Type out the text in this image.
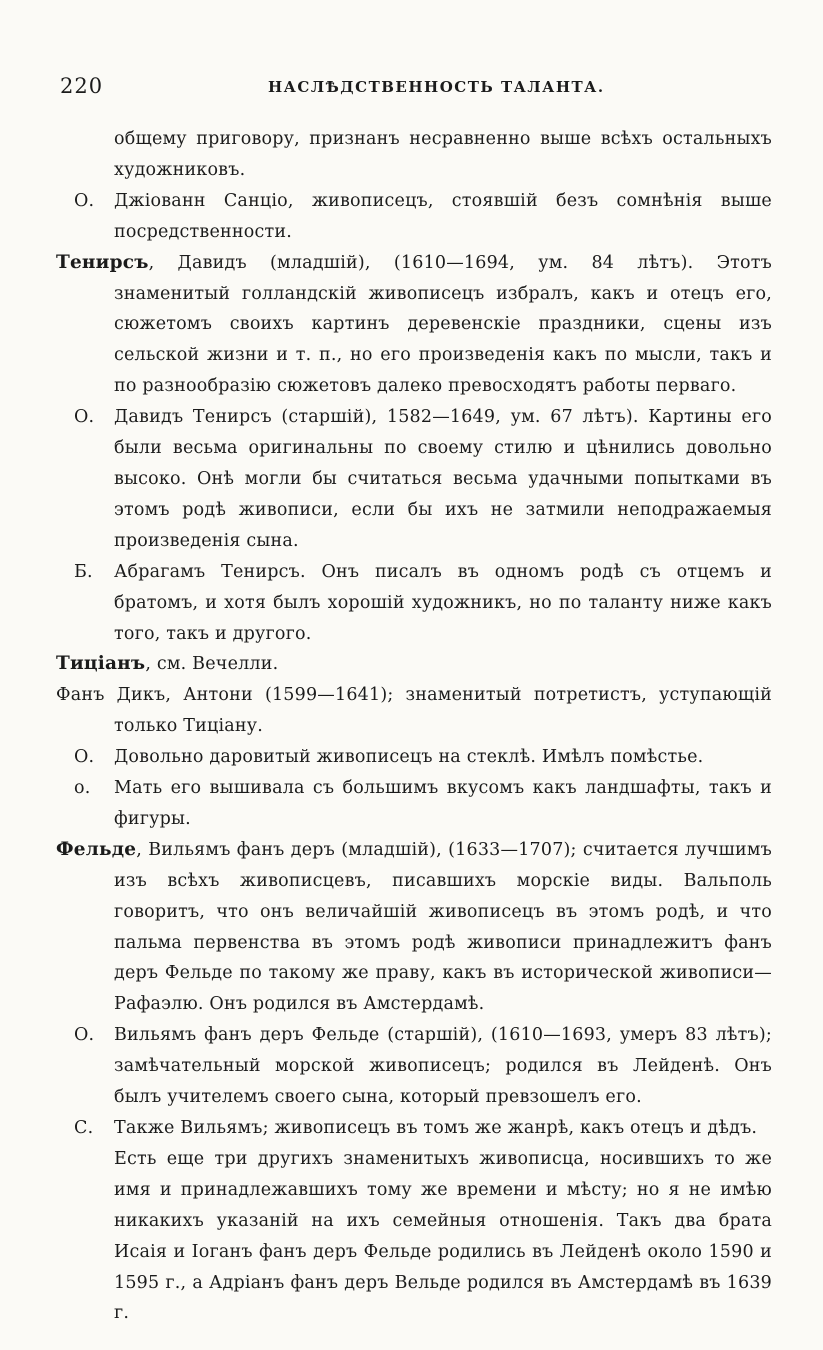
220	НАСЛѢДСТВЕННОСТЬ ТАЛАНТА.

общему приговору, признанъ несравненно выше всѣхъ остальныхъ художниковъ.

О. Джіованн Санціо, живописецъ, стоявшій безъ сомнѣнія выше посредственности.

Тенирсъ, Давидъ (младшій), (1610—1694, ум. 84 лѣтъ). Этотъ знаменитый голландскій живописецъ избралъ, какъ и отецъ его, сюжетомъ своихъ картинъ деревенскіе праздники, сцены изъ сельской жизни и т. п., но его произведенія какъ по мысли, такъ и по разнообразію сюжетовъ далеко превосходятъ работы перваго.

О. Давидъ Тенирсъ (старшій), 1582—1649, ум. 67 лѣтъ). Картины его были весьма оригинальны по своему стилю и цѣнились довольно высоко. Онѣ могли бы считаться весьма удачными попытками въ этомъ родѣ живописи, если бы ихъ не затмили неподражаемыя произведенія сына.

Б. Абрагамъ Тенирсъ. Онъ писалъ въ одномъ родѣ съ отцемъ и братомъ, и хотя былъ хорошій художникъ, но по таланту ниже какъ того, такъ и другого.

Тиціанъ, см. Вечелли.

Фанъ Дикъ, Антони (1599—1641); знаменитый потретистъ, уступающій только Тиціану.

О. Довольно даровитый живописецъ на стеклѣ. Имѣлъ помѣстье.

о. Мать его вышивала съ большимъ вкусомъ какъ ландшафты, такъ и фигуры.

Фельде, Вильямъ фанъ деръ (младшій), (1633—1707); считается лучшимъ изъ всѣхъ живописцевъ, писавшихъ морскіе виды. Вальполь говоритъ, что онъ величайшій живописецъ въ этомъ родѣ, и что пальма первенства въ этомъ родѣ живописи принадлежитъ фанъ деръ Фельде по такому же праву, какъ въ исторической живописи—Рафаэлю. Онъ родился въ Амстердамѣ.

О. Вильямъ фанъ деръ Фельде (старшій), (1610—1693, умеръ 83 лѣтъ); замѣчательный морской живописецъ; родился въ Лейденѣ. Онъ былъ учителемъ своего сына, который превзошелъ его.

С. Также Вильямъ; живописецъ въ томъ же жанрѣ, какъ отецъ и дѣдъ.

Есть еще три другихъ знаменитыхъ живописца, носившихъ то же имя и принадлежавшихъ тому же времени и мѣсту; но я не имѣю никакихъ указаній на ихъ семейныя отношенія. Такъ два брата Исаія и Іоганъ фанъ деръ Фельде родились въ Лейденѣ около 1590 и 1595 г., а Адріанъ фанъ деръ Вельде родился въ Амстердамѣ въ 1639 г.
